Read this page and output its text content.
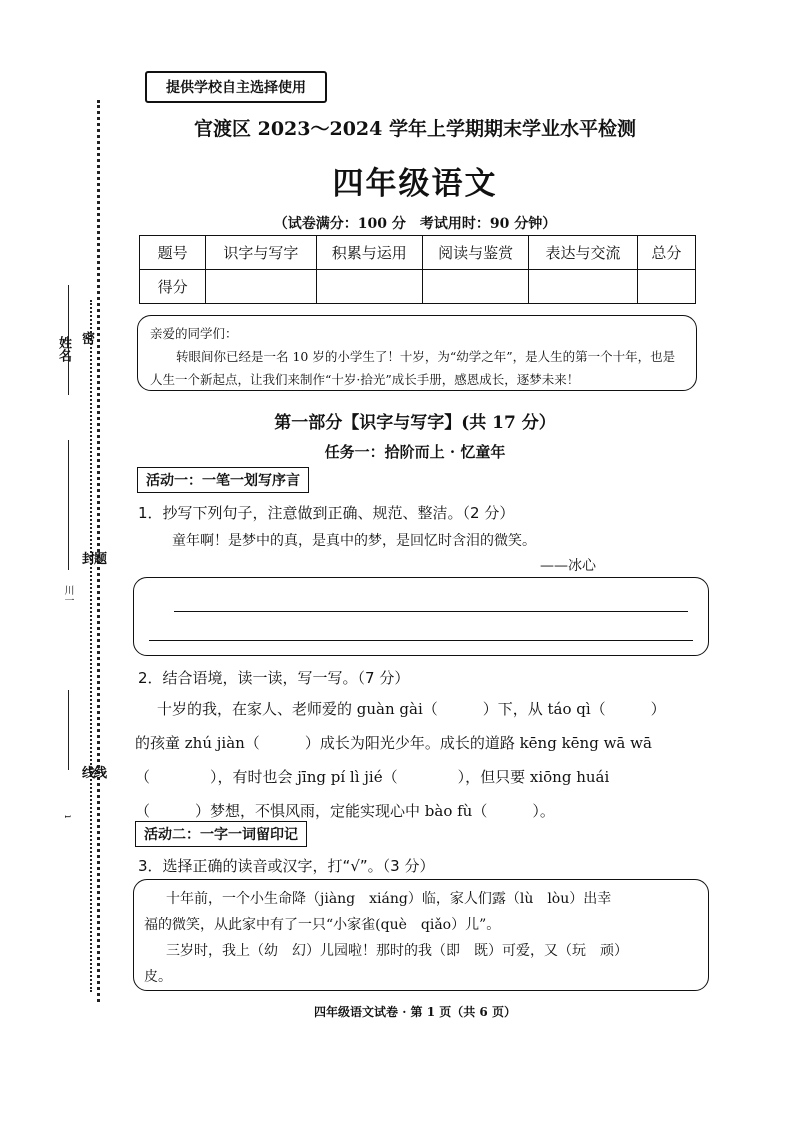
姓名 密
封
题
线
线
川一
ı
提供学校自主选择使用
官渡区 2023～2024 学年上学期期末学业水平检测
四年级语文
（试卷满分：100 分　考试用时：90 分钟）
题号	识字与写字	积累与运用	阅读与鉴赏	表达与交流	总分
得分					
亲爱的同学们：
转眼间你已经是一名 10 岁的小学生了！十岁，为“幼学之年”，是人生的第一个十年，也是人生一个新起点，让我们来制作“十岁·拾光”成长手册，感恩成长，逐梦未来！
第一部分【识字与写字】(共 17 分）
任务一：拾阶而上 · 忆童年
活动一：一笔一划写序言
1．抄写下列句子，注意做到正确、规范、整洁。（2 分）
童年啊！是梦中的真，是真中的梦，是回忆时含泪的微笑。
——冰心
2．结合语境，读一读，写一写。（7 分）

十岁的我，在家人、老师爱的 guàn gài（　　　）下，从 táo qì（　　　）

的孩童 zhú jiàn（　　　）成长为阳光少年。成长的道路 kēng kēng wā wā

（　　　　），有时也会 jīng pí lì jié（　　　　），但只要 xiōng huái

（　　　）梦想，不惧风雨，定能实现心中 bào fù（　　　）。

活动二：一字一词留印记
3．选择正确的读音或汉字，打“√”。（3 分）

十年前，一个小生命降（jiàng　xiáng）临，家人们露（lù　lòu）出幸

福的微笑，从此家中有了一只“小家雀(què　qiǎo）儿”。

三岁时，我上（幼　幻）儿园啦！那时的我（即　既）可爱，又（玩　顽）

皮。

四年级语文试卷 · 第 1 页（共 6 页）
